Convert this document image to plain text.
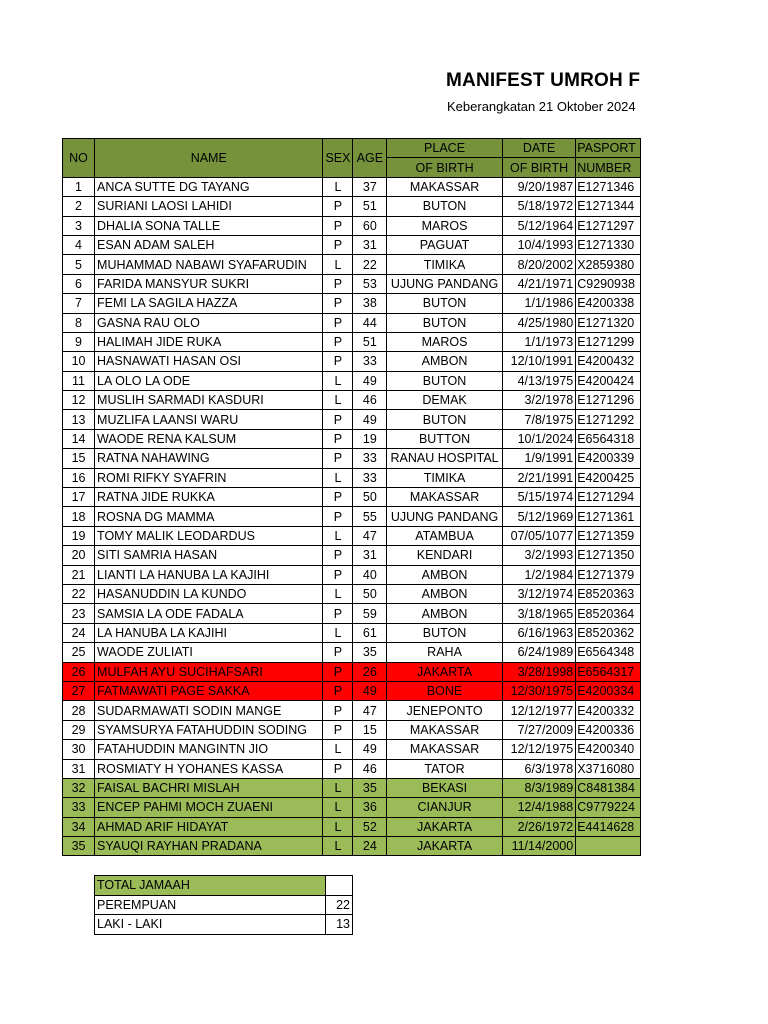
MANIFEST UMROH F
Keberangkatan 21 Oktober 2024
NO	NAME	SEX	AGE	PLACE	DATE	PASPORT
				OF BIRTH	OF BIRTH	NUMBER
1	ANCA SUTTE DG TAYANG	L	37	MAKASSAR	9/20/1987	E1271346
2	SURIANI LAOSI LAHIDI	P	51	BUTON	5/18/1972	E1271344
3	DHALIA SONA TALLE	P	60	MAROS	5/12/1964	E1271297
4	ESAN ADAM SALEH	P	31	PAGUAT	10/4/1993	E1271330
5	MUHAMMAD NABAWI SYAFARUDIN	L	22	TIMIKA	8/20/2002	X2859380
6	FARIDA MANSYUR SUKRI	P	53	UJUNG PANDANG	4/21/1971	C9290938
7	FEMI LA SAGILA HAZZA	P	38	BUTON	1/1/1986	E4200338
8	GASNA RAU OLO	P	44	BUTON	4/25/1980	E1271320
9	HALIMAH JIDE RUKA	P	51	MAROS	1/1/1973	E1271299
10	HASNAWATI HASAN OSI	P	33	AMBON	12/10/1991	E4200432
11	LA OLO LA ODE	L	49	BUTON	4/13/1975	E4200424
12	MUSLIH SARMADI KASDURI	L	46	DEMAK	3/2/1978	E1271296
13	MUZLIFA LAANSI WARU	P	49	BUTON	7/8/1975	E1271292
14	WAODE RENA KALSUM	P	19	BUTTON	10/1/2024	E6564318
15	RATNA NAHAWING	P	33	RANAU HOSPITAL	1/9/1991	E4200339
16	ROMI RIFKY SYAFRIN	L	33	TIMIKA	2/21/1991	E4200425
17	RATNA JIDE RUKKA	P	50	MAKASSAR	5/15/1974	E1271294
18	ROSNA DG MAMMA	P	55	UJUNG PANDANG	5/12/1969	E1271361
19	TOMY MALIK LEODARDUS	L	47	ATAMBUA	07/05/1077	E1271359
20	SITI SAMRIA HASAN	P	31	KENDARI	3/2/1993	E1271350
21	LIANTI LA HANUBA LA KAJIHI	P	40	AMBON	1/2/1984	E1271379
22	HASANUDDIN LA KUNDO	L	50	AMBON	3/12/1974	E8520363
23	SAMSIA LA ODE FADALA	P	59	AMBON	3/18/1965	E8520364
24	LA HANUBA LA KAJIHI	L	61	BUTON	6/16/1963	E8520362
25	WAODE ZULIATI	P	35	RAHA	6/24/1989	E6564348
26	MULFAH AYU SUCIHAFSARI	P	26	JAKARTA	3/28/1998	E6564317
27	FATMAWATI PAGE SAKKA	P	49	BONE	12/30/1975	E4200334
28	SUDARMAWATI SODIN MANGE	P	47	JENEPONTO	12/12/1977	E4200332
29	SYAMSURYA FATAHUDDIN SODING	P	15	MAKASSAR	7/27/2009	E4200336
30	FATAHUDDIN MANGINTN JIO	L	49	MAKASSAR	12/12/1975	E4200340
31	ROSMIATY H YOHANES KASSA	P	46	TATOR	6/3/1978	X3716080
32	FAISAL BACHRI MISLAH	L	35	BEKASI	8/3/1989	C8481384
33	ENCEP PAHMI MOCH ZUAENI	L	36	CIANJUR	12/4/1988	C9779224
34	AHMAD ARIF HIDAYAT	L	52	JAKARTA	2/26/1972	E4414628
35	SYAUQI RAYHAN PRADANA	L	24	JAKARTA	11/14/2000	
TOTAL JAMAAH	
PEREMPUAN	22
LAKI - LAKI	13
